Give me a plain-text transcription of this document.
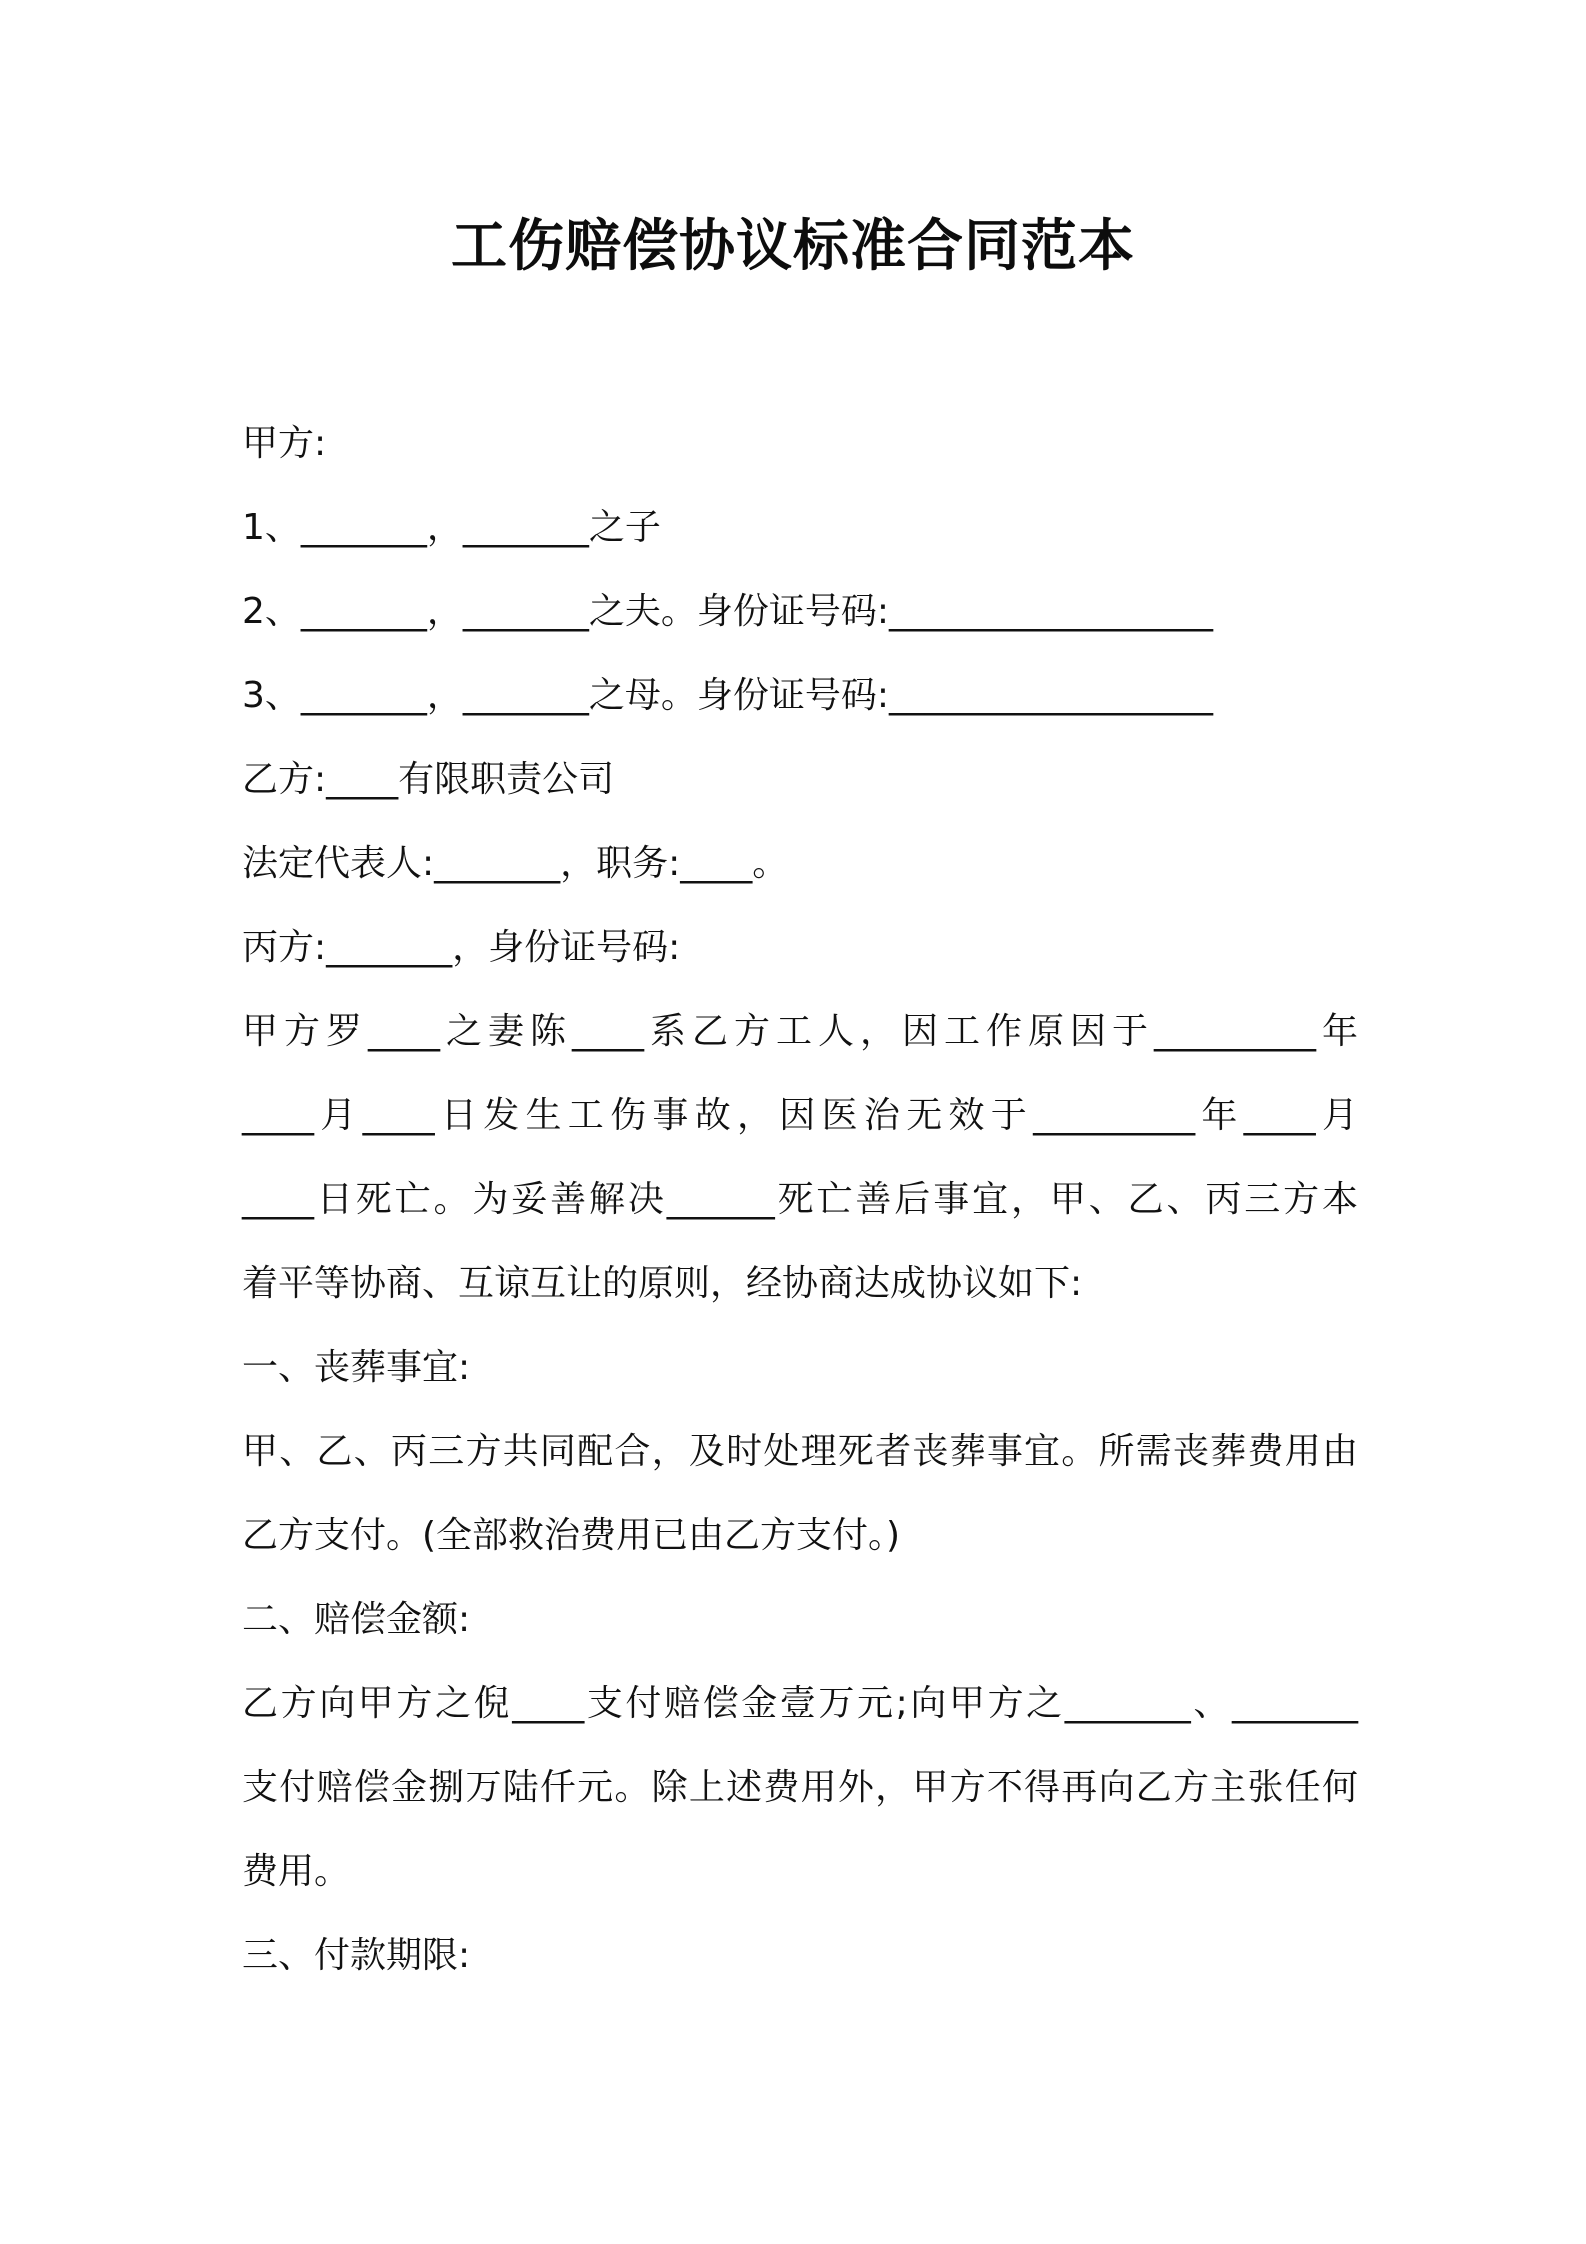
工伤赔偿协议标准合同范本
甲方:
1、_______，_______之子
2、_______，_______之夫。身份证号码:__________________
3、_______，_______之母。身份证号码:__________________
乙方:____有限职责公司
法定代表人:_______，职务:____。
丙方:_______，身份证号码:
甲方罗____之妻陈____系乙方工人，因工作原因于_________年
____月____日发生工伤事故，因医治无效于_________年____月
____日死亡。为妥善解决______死亡善后事宜，甲、乙、丙三方本
着平等协商、互谅互让的原则，经协商达成协议如下:
一、丧葬事宜:
甲、乙、丙三方共同配合，及时处理死者丧葬事宜。所需丧葬费用由
乙方支付。(全部救治费用已由乙方支付。)
二、赔偿金额:
乙方向甲方之倪____支付赔偿金壹万元;向甲方之_______、_______
支付赔偿金捌万陆仟元。除上述费用外，甲方不得再向乙方主张任何
费用。
三、付款期限:
